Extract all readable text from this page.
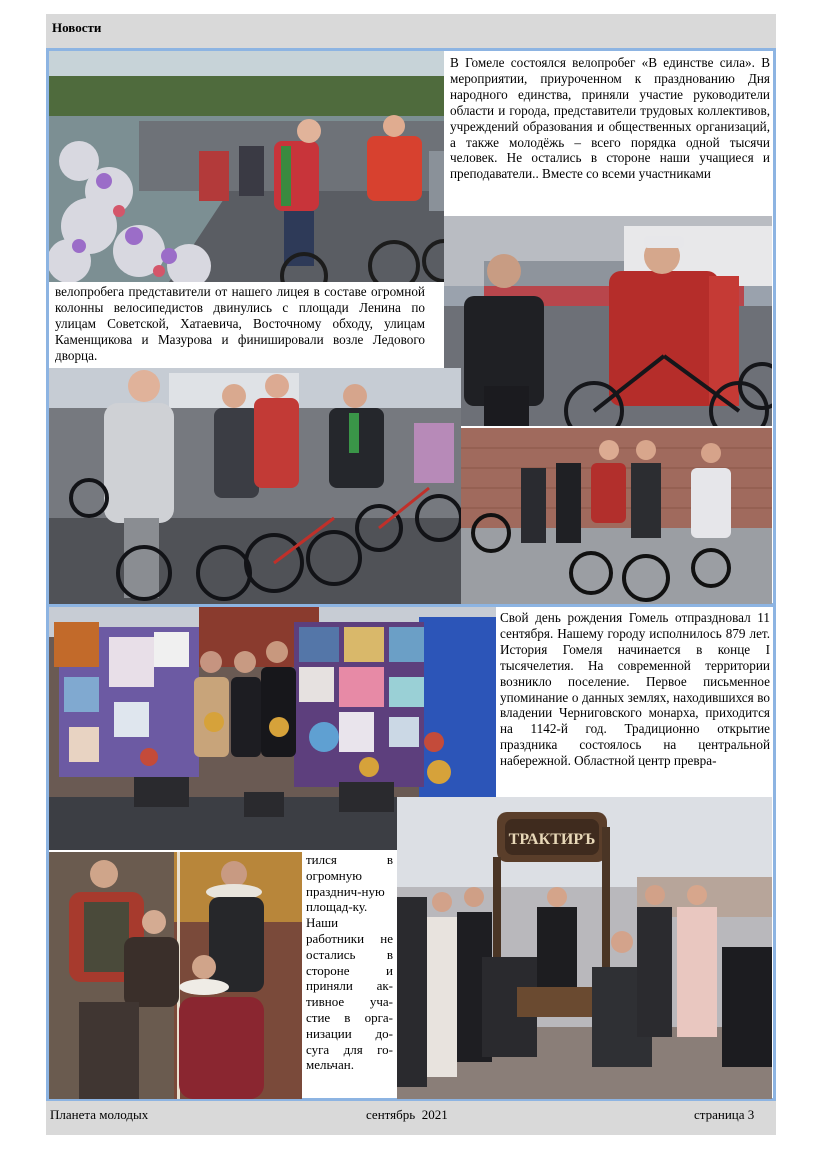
Новости
В Гомеле состоялся велопробег «В единстве сила». В мероприятии, приуроченном к празднованию Дня народного единства, приняли участие руководители области и города, представители трудовых коллективов, учреждений образования и общественных организаций, а также молодёжь – всего порядка одной тысячи человек. Не остались в стороне наши учащиеся и преподаватели.. Вместе со всеми участниками
велопробега представители от нашего лицея в составе огромной колонны велосипедистов двинулись с площади Ленина по улицам Советской, Хатаевича, Восточному обходу, улицам Каменщикова и Мазурова и финишировали возле Ледового дворца.
Свой день рождения Гомель отпраздновал 11 сентября. Нашему городу исполнилось 879 лет. История Гомеля начинается в конце I тысячелетия. На современной территории возникло поселение. Первое письменное упоминание о данных землях, находившихся во владении Черниговского монарха, приходится на 1142-й год. Традиционно открытие праздника состоялось на центральной набережной. Областной центр превра-
тился в огромную празднич-ную площад-ку. Наши работники не остались в стороне и приняли ак-тивное уча-стие в орга-низации до-суга для го-мельчан.
ТРАКТИРЪ
Планета молодых	сентябрь  2021	страница 3
